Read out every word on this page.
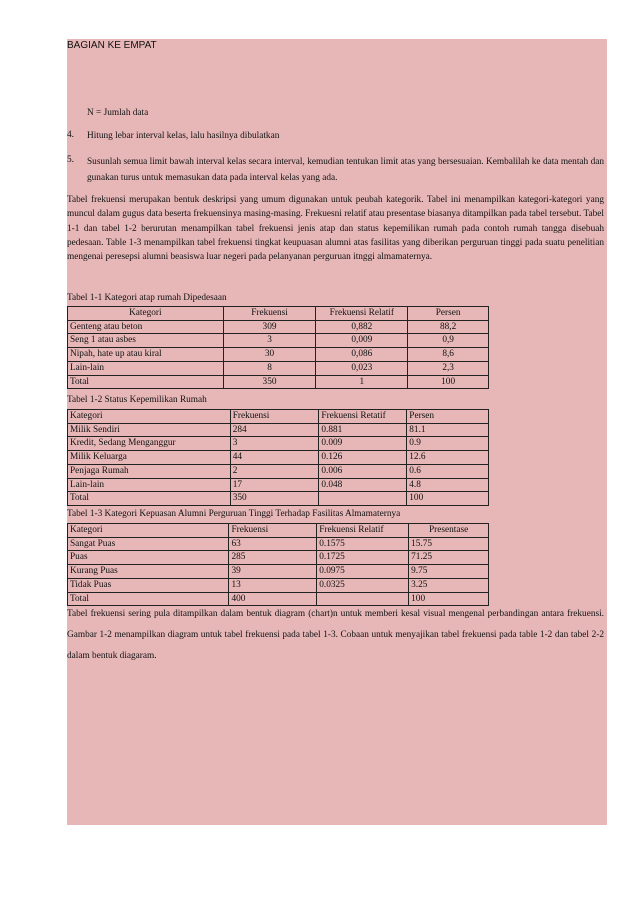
BAGIAN KE EMPAT
N = Jumlah data
4. Hitung lebar interval kelas, lalu hasilnya dibulatkan
5. Susunlah semua limit bawah interval kelas secara interval, kemudian tentukan limit atas yang bersesuaian. Kembalilah ke data mentah dan gunakan turus untuk memasukan data pada interval kelas yang ada.
Tabel frekuensi merupakan bentuk deskripsi yang umum digunakan untuk peubah kategorik. Tabel ini menampilkan kategori-kategori yang muncul dalam gugus data beserta frekuensinya masing-masing. Frekuesni relatif atau presentase biasanya ditampilkan pada tabel tersebut. Tabel 1-1 dan tabel 1-2 berurutan menampilkan tabel frekuensi jenis atap dan status kepemilikan rumah pada contoh rumah tangga disebuah pedesaan. Table 1-3 menampilkan tabel frekuensi tingkat keupuasan alumni atas fasilitas yang diberikan perguruan tinggi pada suatu penelitian mengenai peresepsi alumni beasiswa luar negeri pada pelanyanan perguruan itnggi almamaternya.
Tabel 1-1 Kategori atap rumah Dipedesaan
Kategori	Frekuensi	Frekuensi Relatif	Persen
Genteng atau beton	309	0,882	88,2
Seng 1 atau asbes	3	0,009	0,9
Nipah, hate up atau kiral	30	0,086	8,6
Lain-lain	8	0,023	2,3
Total	350	1	100
Tabel 1-2 Status Kepemilikan Rumah
Kategori	Frekuensi	Frekuensi Retatif	Persen
Milik Sendiri	284	0.881	81.1
Kredit, Sedang Menganggur	3	0.009	0.9
Milik Keluarga	44	0.126	12.6
Penjaga Rumah	2	0.006	0.6
Lain-lain	17	0.048	4.8
Total	350		100
Tabel 1-3 Kategori Kepuasan Alumni Perguruan Tinggi Terhadap Fasilitas Almamaternya
Kategori	Frekuensi	Frekuensi Relatif	Presentase
Sangat Puas	63	0.1575	15.75
Puas	285	0.1725	71.25
Kurang Puas	39	0.0975	9.75
Tidak Puas	13	0.0325	3.25
Total	400		100
Tabel frekuensi sering pula ditampilkan dalam bentuk diagram (chart)n untuk memberi kesal visual mengenal perbandingan antara frekuensi. Gambar 1-2 menampilkan diagram untuk tabel frekuensi pada tabel 1-3. Cobaan untuk menyajikan tabel frekuensi pada table 1-2 dan tabel 2-2 dalam bentuk diagaram.
